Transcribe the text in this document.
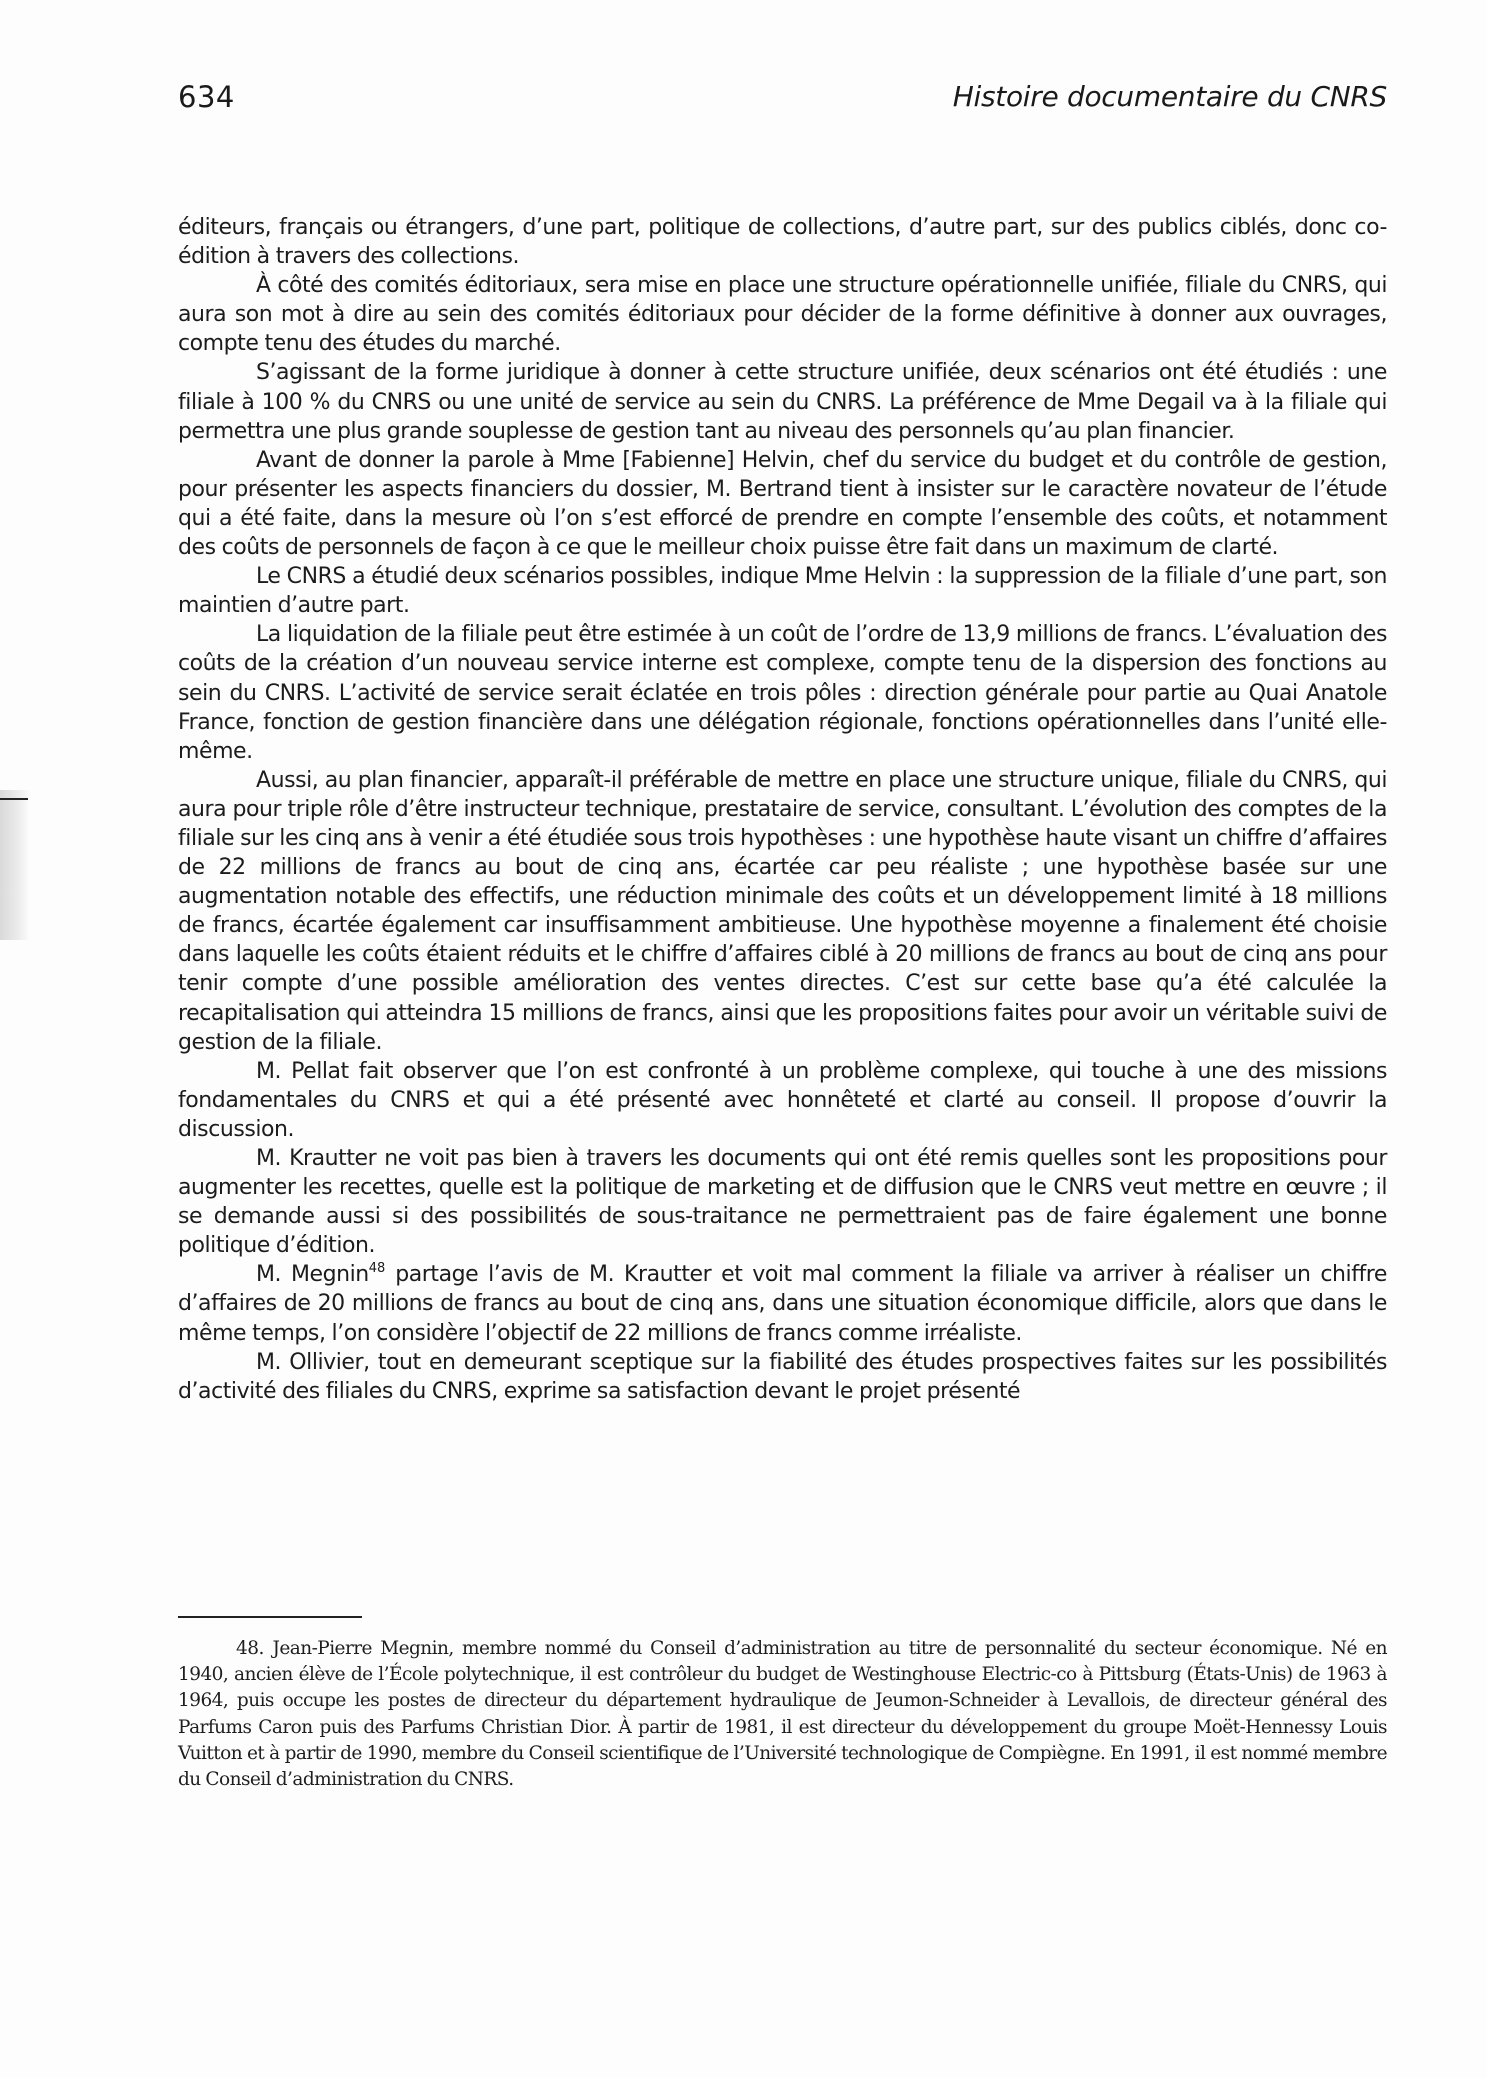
634	Histoire documentaire du CNRS

éditeurs, français ou étrangers, d’une part, politique de collections, d’autre part, sur des publics ciblés, donc co-édition à travers des collections.

À côté des comités éditoriaux, sera mise en place une structure opérationnelle unifiée, filiale du CNRS, qui aura son mot à dire au sein des comités éditoriaux pour décider de la forme définitive à donner aux ouvrages, compte tenu des études du marché.

S’agissant de la forme juridique à donner à cette structure unifiée, deux scénarios ont été étudiés : une filiale à 100 % du CNRS ou une unité de service au sein du CNRS. La préférence de Mme Degail va à la filiale qui permettra une plus grande souplesse de gestion tant au niveau des personnels qu’au plan financier.

Avant de donner la parole à Mme [Fabienne] Helvin, chef du service du budget et du contrôle de gestion, pour présenter les aspects financiers du dossier, M. Bertrand tient à insister sur le caractère novateur de l’étude qui a été faite, dans la mesure où l’on s’est efforcé de prendre en compte l’ensemble des coûts, et notamment des coûts de personnels de façon à ce que le meilleur choix puisse être fait dans un maximum de clarté.

Le CNRS a étudié deux scénarios possibles, indique Mme Helvin : la suppression de la filiale d’une part, son maintien d’autre part.

La liquidation de la filiale peut être estimée à un coût de l’ordre de 13,9 millions de francs. L’évaluation des coûts de la création d’un nouveau service interne est complexe, compte tenu de la dispersion des fonctions au sein du CNRS. L’activité de service serait éclatée en trois pôles : direction générale pour partie au Quai Anatole France, fonction de gestion financière dans une délégation régionale, fonctions opérationnelles dans l’unité elle-même.

Aussi, au plan financier, apparaît-il préférable de mettre en place une structure unique, filiale du CNRS, qui aura pour triple rôle d’être instructeur technique, prestataire de service, consultant. L’évolution des comptes de la filiale sur les cinq ans à venir a été étudiée sous trois hypothèses : une hypothèse haute visant un chiffre d’affaires de 22 millions de francs au bout de cinq ans, écartée car peu réaliste ; une hypothèse basée sur une augmentation notable des effectifs, une réduction minimale des coûts et un développement limité à 18 millions de francs, écartée également car insuffisamment ambitieuse. Une hypothèse moyenne a finalement été choisie dans laquelle les coûts étaient réduits et le chiffre d’affaires ciblé à 20 millions de francs au bout de cinq ans pour tenir compte d’une possible amélioration des ventes directes. C’est sur cette base qu’a été calculée la recapitalisation qui atteindra 15 millions de francs, ainsi que les propositions faites pour avoir un véritable suivi de gestion de la filiale.

M. Pellat fait observer que l’on est confronté à un problème complexe, qui touche à une des missions fondamentales du CNRS et qui a été présenté avec honnêteté et clarté au conseil. Il propose d’ouvrir la discussion.

M. Krautter ne voit pas bien à travers les documents qui ont été remis quelles sont les propositions pour augmenter les recettes, quelle est la politique de marketing et de diffusion que le CNRS veut mettre en œuvre ; il se demande aussi si des possibilités de sous-traitance ne permettraient pas de faire également une bonne politique d’édition.

M. Megnin$^{48}$ partage l’avis de M. Krautter et voit mal comment la filiale va arriver à réaliser un chiffre d’affaires de 20 millions de francs au bout de cinq ans, dans une situation économique difficile, alors que dans le même temps, l’on considère l’objectif de 22 millions de francs comme irréaliste.

M. Ollivier, tout en demeurant sceptique sur la fiabilité des études prospectives faites sur les possibilités d’activité des filiales du CNRS, exprime sa satisfaction devant le projet présenté

48.  Jean-Pierre Megnin, membre nommé du Conseil d’administration au titre de personnalité du secteur économique. Né en 1940, ancien élève de l’École polytechnique, il est contrôleur du budget de Westinghouse Electric-co à Pittsburg (États-Unis) de 1963 à 1964, puis occupe les postes de directeur du département hydraulique de Jeumon-Schneider à Levallois, de directeur général des Parfums Caron puis des Parfums Christian Dior. À partir de 1981, il est directeur du développement du groupe Moët-Hennessy Louis Vuitton et à partir de 1990, membre du Conseil scientifique de l’Université technologique de Compiègne. En 1991, il est nommé membre du Conseil d’administration du CNRS.
